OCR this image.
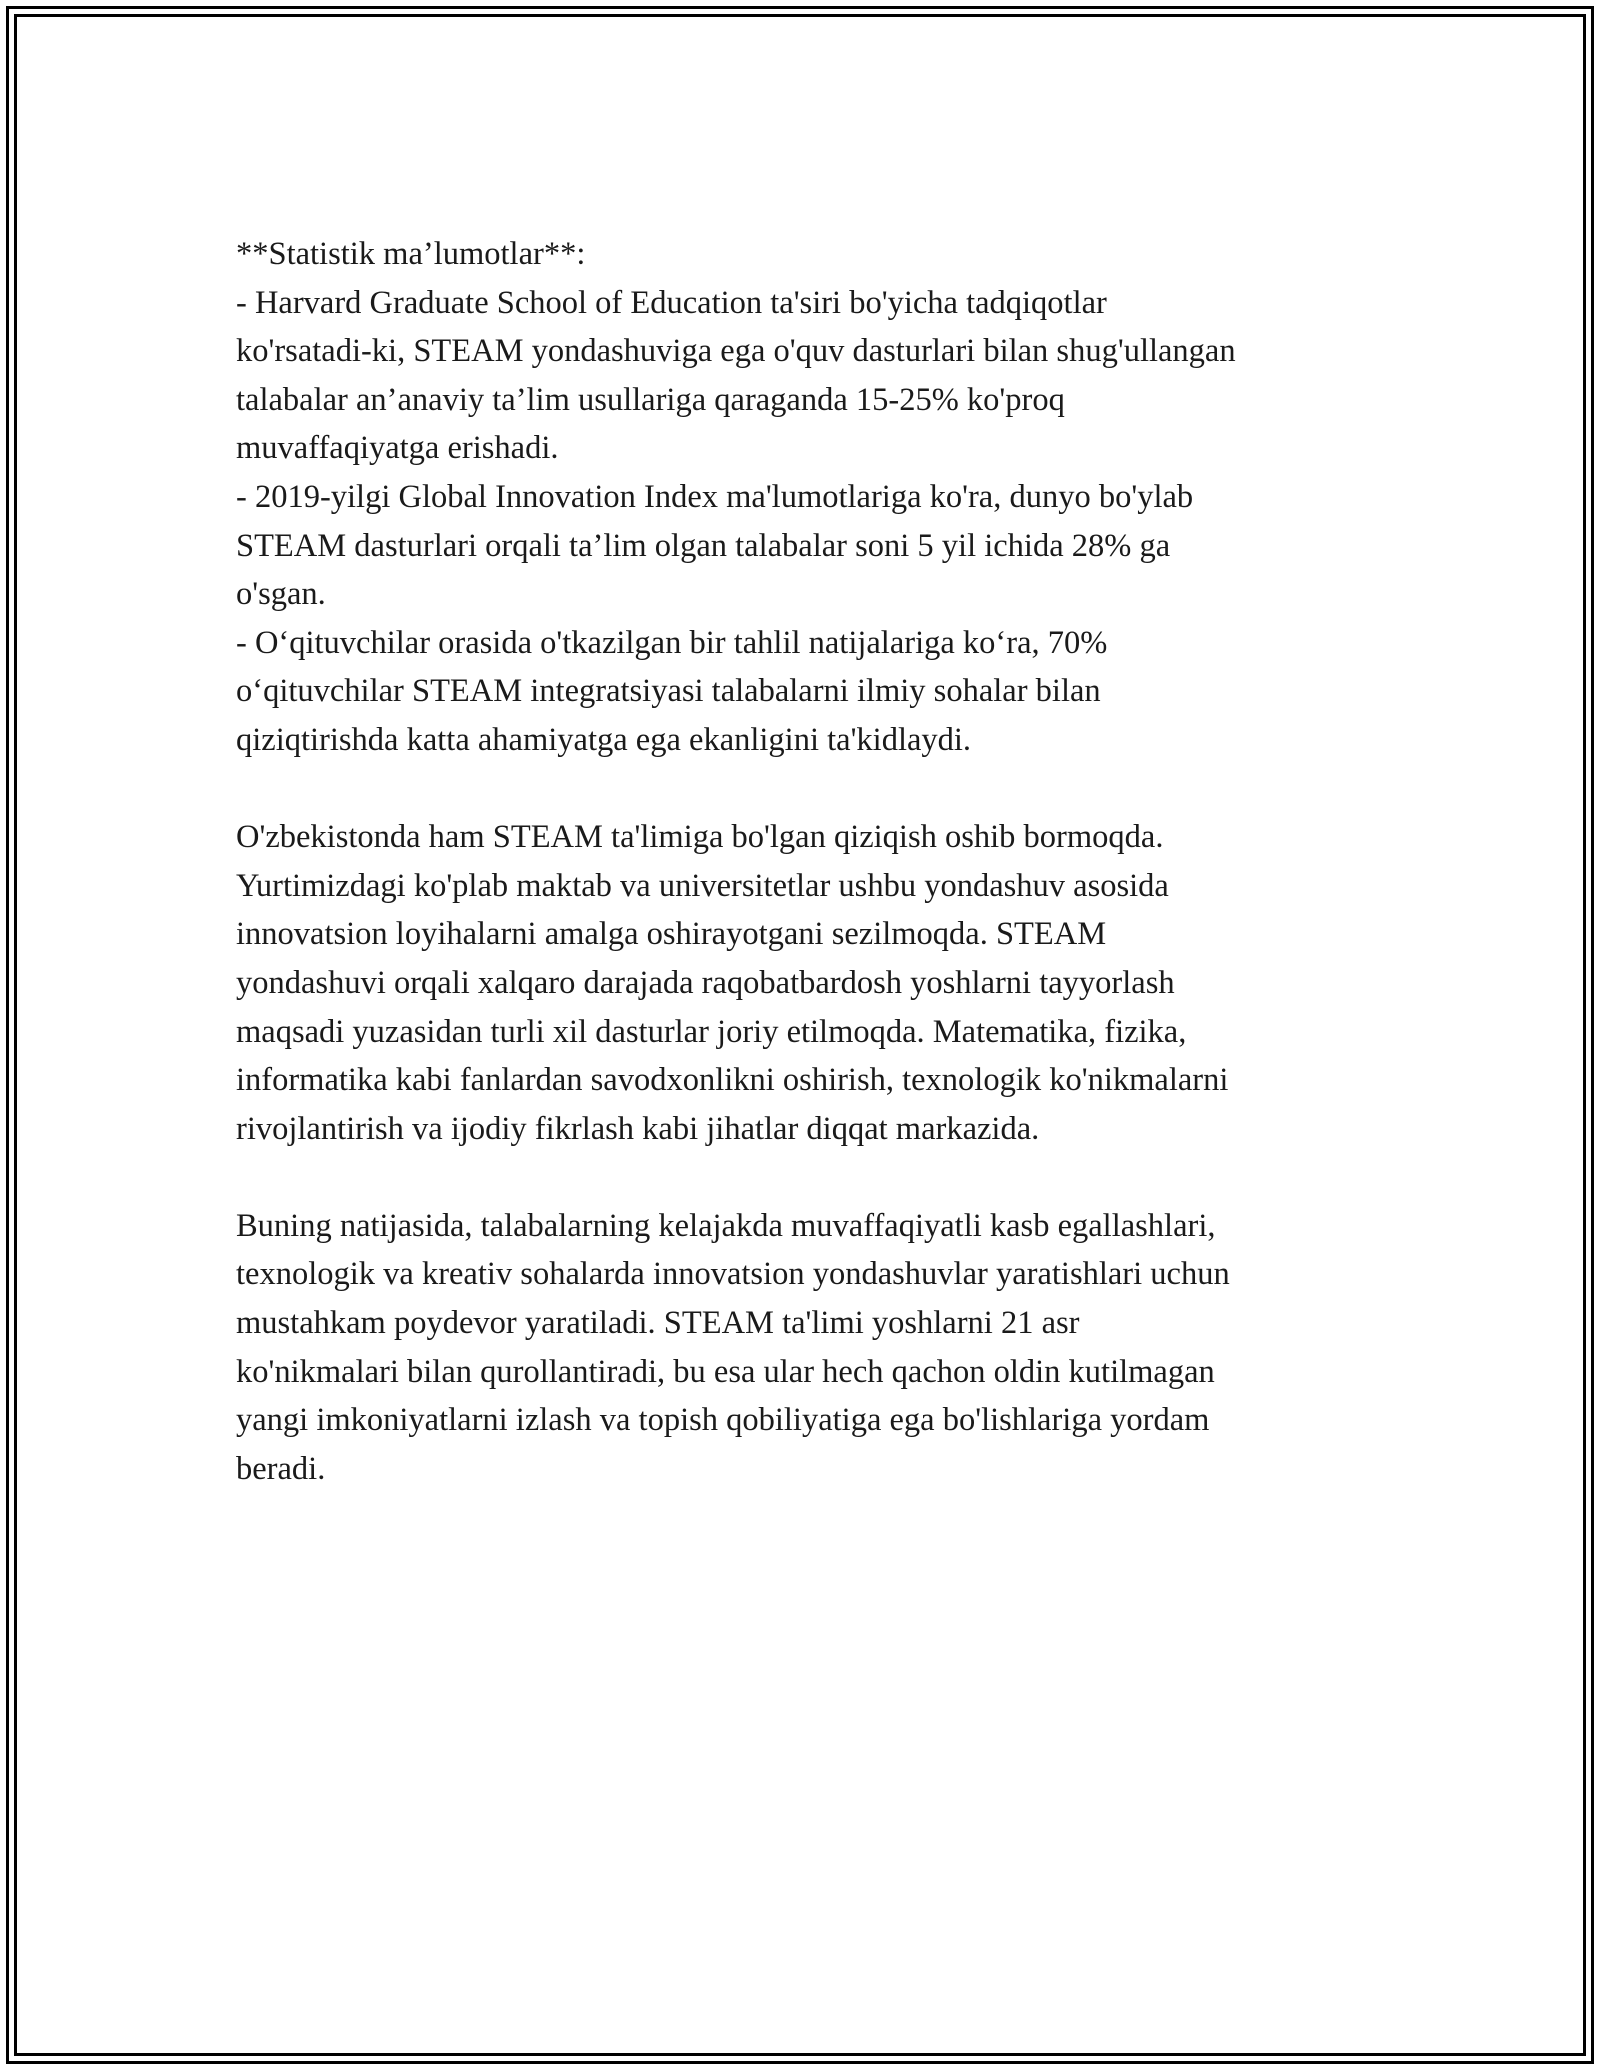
**Statistik ma’lumotlar**:
- Harvard Graduate School of Education ta'siri bo'yicha tadqiqotlar
ko'rsatadi-ki, STEAM yondashuviga ega o'quv dasturlari bilan shug'ullangan
talabalar an’anaviy ta’lim usullariga qaraganda 15-25% ko'proq
muvaffaqiyatga erishadi.
- 2019-yilgi Global Innovation Index ma'lumotlariga ko'ra, dunyo bo'ylab
STEAM dasturlari orqali ta’lim olgan talabalar soni 5 yil ichida 28% ga
o'sgan.
- O‘qituvchilar orasida o'tkazilgan bir tahlil natijalariga ko‘ra, 70%
o‘qituvchilar STEAM integratsiyasi talabalarni ilmiy sohalar bilan
qiziqtirishda katta ahamiyatga ega ekanligini ta'kidlaydi.
O'zbekistonda ham STEAM ta'limiga bo'lgan qiziqish oshib bormoqda.
Yurtimizdagi ko'plab maktab va universitetlar ushbu yondashuv asosida
innovatsion loyihalarni amalga oshirayotgani sezilmoqda. STEAM
yondashuvi orqali xalqaro darajada raqobatbardosh yoshlarni tayyorlash
maqsadi yuzasidan turli xil dasturlar joriy etilmoqda. Matematika, fizika,
informatika kabi fanlardan savodxonlikni oshirish, texnologik ko'nikmalarni
rivojlantirish va ijodiy fikrlash kabi jihatlar diqqat markazida.
Buning natijasida, talabalarning kelajakda muvaffaqiyatli kasb egallashlari,
texnologik va kreativ sohalarda innovatsion yondashuvlar yaratishlari uchun
mustahkam poydevor yaratiladi. STEAM ta'limi yoshlarni 21 asr
ko'nikmalari bilan qurollantiradi, bu esa ular hech qachon oldin kutilmagan
yangi imkoniyatlarni izlash va topish qobiliyatiga ega bo'lishlariga yordam
beradi.
